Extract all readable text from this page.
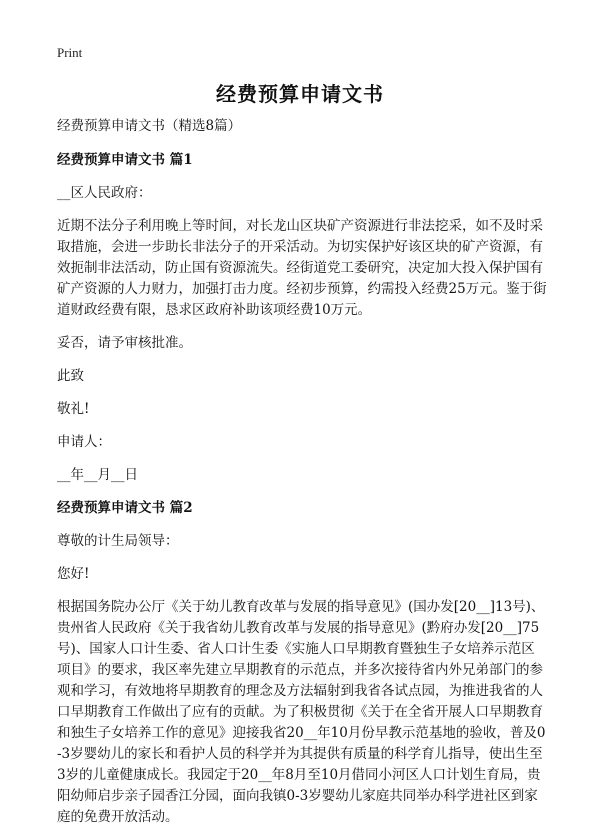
Print
经费预算申请文书
经费预算申请文书（精选8篇）
经费预算申请文书 篇1
__区人民政府：
近期不法分子利用晚上等时间，对长龙山区块矿产资源进行非法挖采，如不及时采取措施，会进一步助长非法分子的开采活动。为切实保护好该区块的矿产资源，有效扼制非法活动，防止国有资源流失。经街道党工委研究，决定加大投入保护国有矿产资源的人力财力，加强打击力度。经初步预算，约需投入经费25万元。鉴于街道财政经费有限，恳求区政府补助该项经费10万元。
妥否，请予审核批准。
此致
敬礼!
申请人：
__年__月__日
经费预算申请文书 篇2
尊敬的计生局领导：
您好!
根据国务院办公厅《关于幼儿教育改革与发展的指导意见》(国办发[20__]13号)、贵州省人民政府《关于我省幼儿教育改革与发展的指导意见》(黔府办发[20__]75号)、国家人口计生委、省人口计生委《实施人口早期教育暨独生子女培养示范区项目》的要求，我区率先建立早期教育的示范点，并多次接待省内外兄弟部门的参观和学习，有效地将早期教育的理念及方法辐射到我省各试点园，为推进我省的人口早期教育工作做出了应有的贡献。为了积极贯彻《关于在全省开展人口早期教育和独生子女培养工作的意见》迎接我省20__年10月份早教示范基地的验收，普及0-3岁婴幼儿的家长和看护人员的科学并为其提供有质量的科学育儿指导，使出生至3岁的儿童健康成长。我园定于20__年8月至10月借同小河区人口计划生育局，贵阳幼师启步亲子园香江分园，面向我镇0-3岁婴幼儿家庭共同举办科学进社区到家庭的免费开放活动。
